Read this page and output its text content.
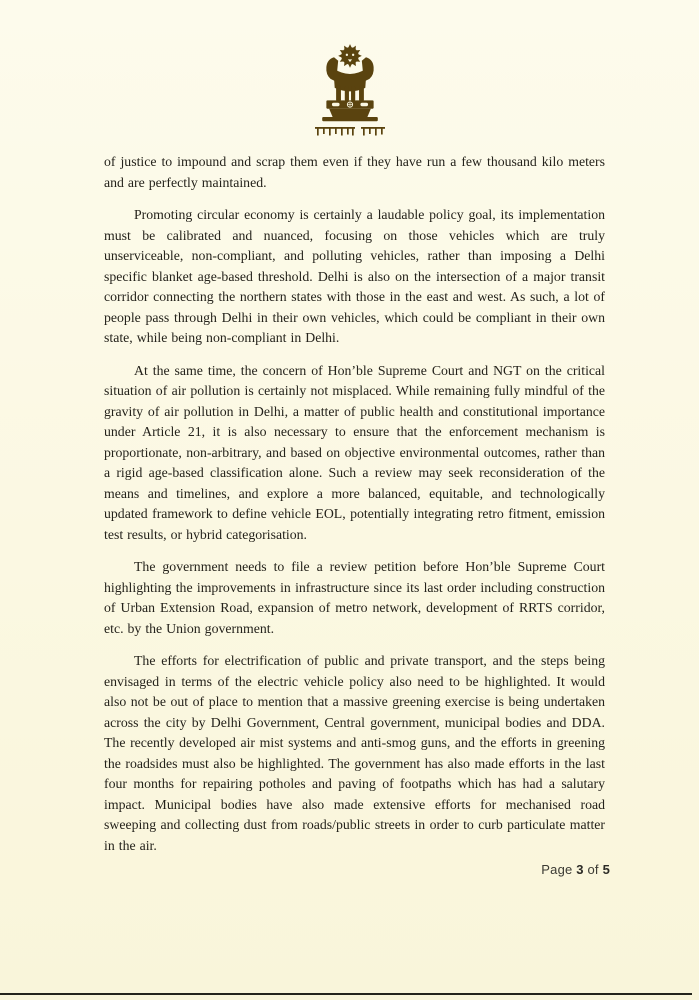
of justice to impound and scrap them even if they have run a few thousand kilo meters and are perfectly maintained.

Promoting circular economy is certainly a laudable policy goal, its implementation must be calibrated and nuanced, focusing on those vehicles which are truly unserviceable, non-compliant, and polluting vehicles, rather than imposing a Delhi specific blanket age-based threshold. Delhi is also on the intersection of a major transit corridor connecting the northern states with those in the east and west. As such, a lot of people pass through Delhi in their own vehicles, which could be compliant in their own state, while being non-compliant in Delhi.

At the same time, the concern of Hon’ble Supreme Court and NGT on the critical situation of air pollution is certainly not misplaced. While remaining fully mindful of the gravity of air pollution in Delhi, a matter of public health and constitutional importance under Article 21, it is also necessary to ensure that the enforcement mechanism is proportionate, non-arbitrary, and based on objective environmental outcomes, rather than a rigid age-based classification alone. Such a review may seek reconsideration of the means and timelines, and explore a more balanced, equitable, and technologically updated framework to define vehicle EOL, potentially integrating retro fitment, emission test results, or hybrid categorisation.

The government needs to file a review petition before Hon’ble Supreme Court highlighting the improvements in infrastructure since its last order including construction of Urban Extension Road, expansion of metro network, development of RRTS corridor, etc. by the Union government.

The efforts for electrification of public and private transport, and the steps being envisaged in terms of the electric vehicle policy also need to be highlighted. It would also not be out of place to mention that a massive greening exercise is being undertaken across the city by Delhi Government, Central government, municipal bodies and DDA. The recently developed air mist systems and anti-smog guns, and the efforts in greening the roadsides must also be highlighted. The government has also made efforts in the last four months for repairing potholes and paving of footpaths which has had a salutary impact. Municipal bodies have also made extensive efforts for mechanised road sweeping and collecting dust from roads/public streets in order to curb particulate matter in the air.

Page 3 of 5
